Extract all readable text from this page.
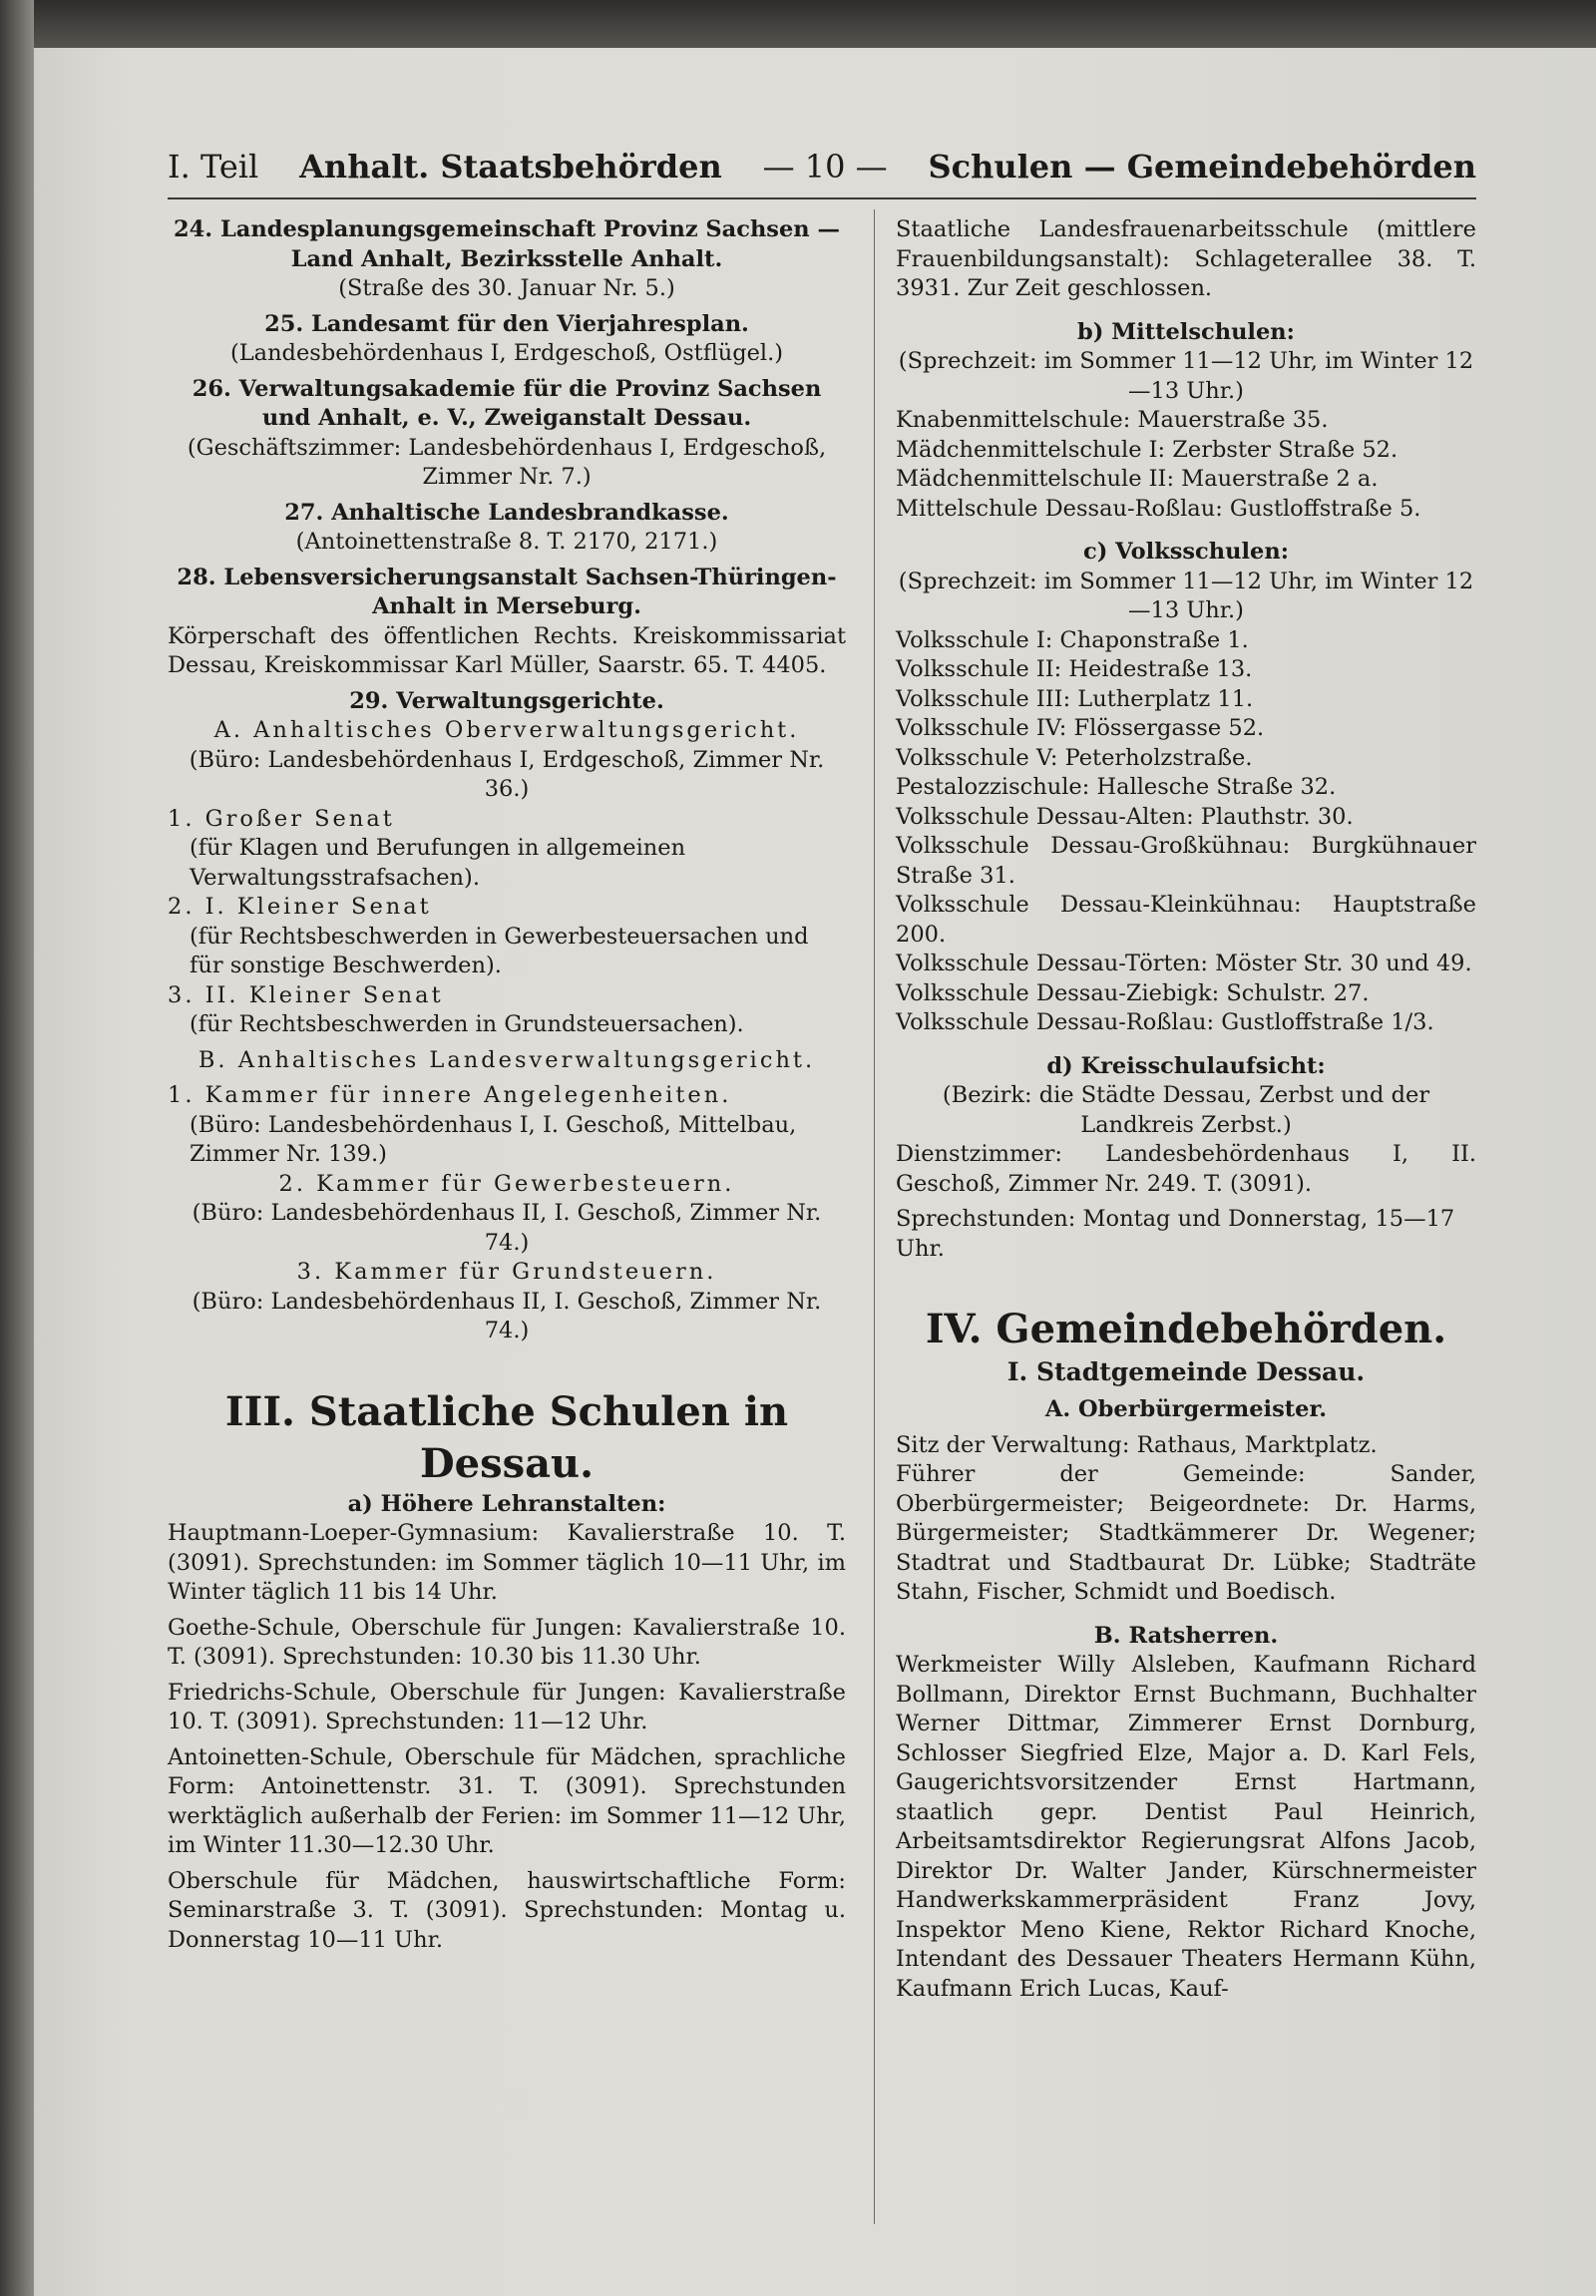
I. Teil Anhalt. Staatsbehörden — 10 — Schulen — Gemeindebehörden

24. Landesplanungsgemeinschaft Provinz Sachsen — Land Anhalt, Bezirksstelle Anhalt.

(Straße des 30. Januar Nr. 5.)

25. Landesamt für den Vierjahresplan.

(Landesbehördenhaus I, Erdgeschoß, Ostflügel.)

26. Verwaltungsakademie für die Provinz Sachsen und Anhalt, e. V., Zweiganstalt Dessau.

(Geschäftszimmer: Landesbehördenhaus I, Erdgeschoß, Zimmer Nr. 7.)

27. Anhaltische Landesbrandkasse.

(Antoinettenstraße 8. T. 2170, 2171.)

28. Lebensversicherungsanstalt Sachsen-Thüringen-Anhalt in Merseburg.

Körperschaft des öffentlichen Rechts. Kreiskommissariat Dessau, Kreiskommissar Karl Müller, Saarstr. 65. T. 4405.

29. Verwaltungsgerichte.

A. Anhaltisches Oberverwaltungsgericht.

(Büro: Landesbehördenhaus I, Erdgeschoß, Zimmer Nr. 36.)

1. Großer Senat

(für Klagen und Berufungen in allgemeinen Verwaltungsstrafsachen).

2. I. Kleiner Senat

(für Rechtsbeschwerden in Gewerbesteuersachen und für sonstige Beschwerden).

3. II. Kleiner Senat

(für Rechtsbeschwerden in Grundsteuersachen).

B. Anhaltisches Landesverwaltungsgericht.

1. Kammer für innere Angelegenheiten.

(Büro: Landesbehördenhaus I, I. Geschoß, Mittelbau, Zimmer Nr. 139.)

2. Kammer für Gewerbesteuern.

(Büro: Landesbehördenhaus II, I. Geschoß, Zimmer Nr. 74.)

3. Kammer für Grundsteuern.

(Büro: Landesbehördenhaus II, I. Geschoß, Zimmer Nr. 74.)

III. Staatliche Schulen in Dessau.

a) Höhere Lehranstalten:

Hauptmann-Loeper-Gymnasium: Kavalierstraße 10. T. (3091). Sprechstunden: im Sommer täglich 10—11 Uhr, im Winter täglich 11 bis 14 Uhr.

Goethe-Schule, Oberschule für Jungen: Kavalierstraße 10. T. (3091). Sprechstunden: 10.30 bis 11.30 Uhr.

Friedrichs-Schule, Oberschule für Jungen: Kavalierstraße 10. T. (3091). Sprechstunden: 11—12 Uhr.

Antoinetten-Schule, Oberschule für Mädchen, sprachliche Form: Antoinettenstr. 31. T. (3091). Sprechstunden werktäglich außerhalb der Ferien: im Sommer 11—12 Uhr, im Winter 11.30—12.30 Uhr.

Oberschule für Mädchen, hauswirtschaftliche Form: Seminarstraße 3. T. (3091). Sprechstunden: Montag u. Donnerstag 10—11 Uhr.

Staatliche Landesfrauenarbeitsschule (mittlere Frauenbildungsanstalt): Schlageterallee 38. T. 3931. Zur Zeit geschlossen.

b) Mittelschulen:

(Sprechzeit: im Sommer 11—12 Uhr, im Winter 12—13 Uhr.)

Knabenmittelschule: Mauerstraße 35.

Mädchenmittelschule I: Zerbster Straße 52.

Mädchenmittelschule II: Mauerstraße 2 a.

Mittelschule Dessau-Roßlau: Gustloffstraße 5.

c) Volksschulen:

(Sprechzeit: im Sommer 11—12 Uhr, im Winter 12—13 Uhr.)

Volksschule I: Chaponstraße 1.

Volksschule II: Heidestraße 13.

Volksschule III: Lutherplatz 11.

Volksschule IV: Flössergasse 52.

Volksschule V: Peterholzstraße.

Pestalozzischule: Hallesche Straße 32.

Volksschule Dessau-Alten: Plauthstr. 30.

Volksschule Dessau-Großkühnau: Burgkühnauer Straße 31.

Volksschule Dessau-Kleinkühnau: Hauptstraße 200.

Volksschule Dessau-Törten: Möster Str. 30 und 49.

Volksschule Dessau-Ziebigk: Schulstr. 27.

Volksschule Dessau-Roßlau: Gustloffstraße 1/3.

d) Kreisschulaufsicht:

(Bezirk: die Städte Dessau, Zerbst und der Landkreis Zerbst.)

Dienstzimmer: Landesbehördenhaus I, II. Geschoß, Zimmer Nr. 249. T. (3091).

Sprechstunden: Montag und Donnerstag, 15—17 Uhr.

IV. Gemeindebehörden.

I. Stadtgemeinde Dessau.

A. Oberbürgermeister.

Sitz der Verwaltung: Rathaus, Marktplatz.

Führer der Gemeinde: Sander, Oberbürgermeister; Beigeordnete: Dr. Harms, Bürgermeister; Stadtkämmerer Dr. Wegener; Stadtrat und Stadtbaurat Dr. Lübke; Stadträte Stahn, Fischer, Schmidt und Boedisch.

B. Ratsherren.

Werkmeister Willy Alsleben, Kaufmann Richard Bollmann, Direktor Ernst Buchmann, Buchhalter Werner Dittmar, Zimmerer Ernst Dornburg, Schlosser Siegfried Elze, Major a. D. Karl Fels, Gaugerichtsvorsitzender Ernst Hartmann, staatlich gepr. Dentist Paul Heinrich, Arbeitsamtsdirektor Regierungsrat Alfons Jacob, Direktor Dr. Walter Jander, Kürschnermeister Handwerkskammerpräsident Franz Jovy, Inspektor Meno Kiene, Rektor Richard Knoche, Intendant des Dessauer Theaters Hermann Kühn, Kaufmann Erich Lucas, Kauf-
